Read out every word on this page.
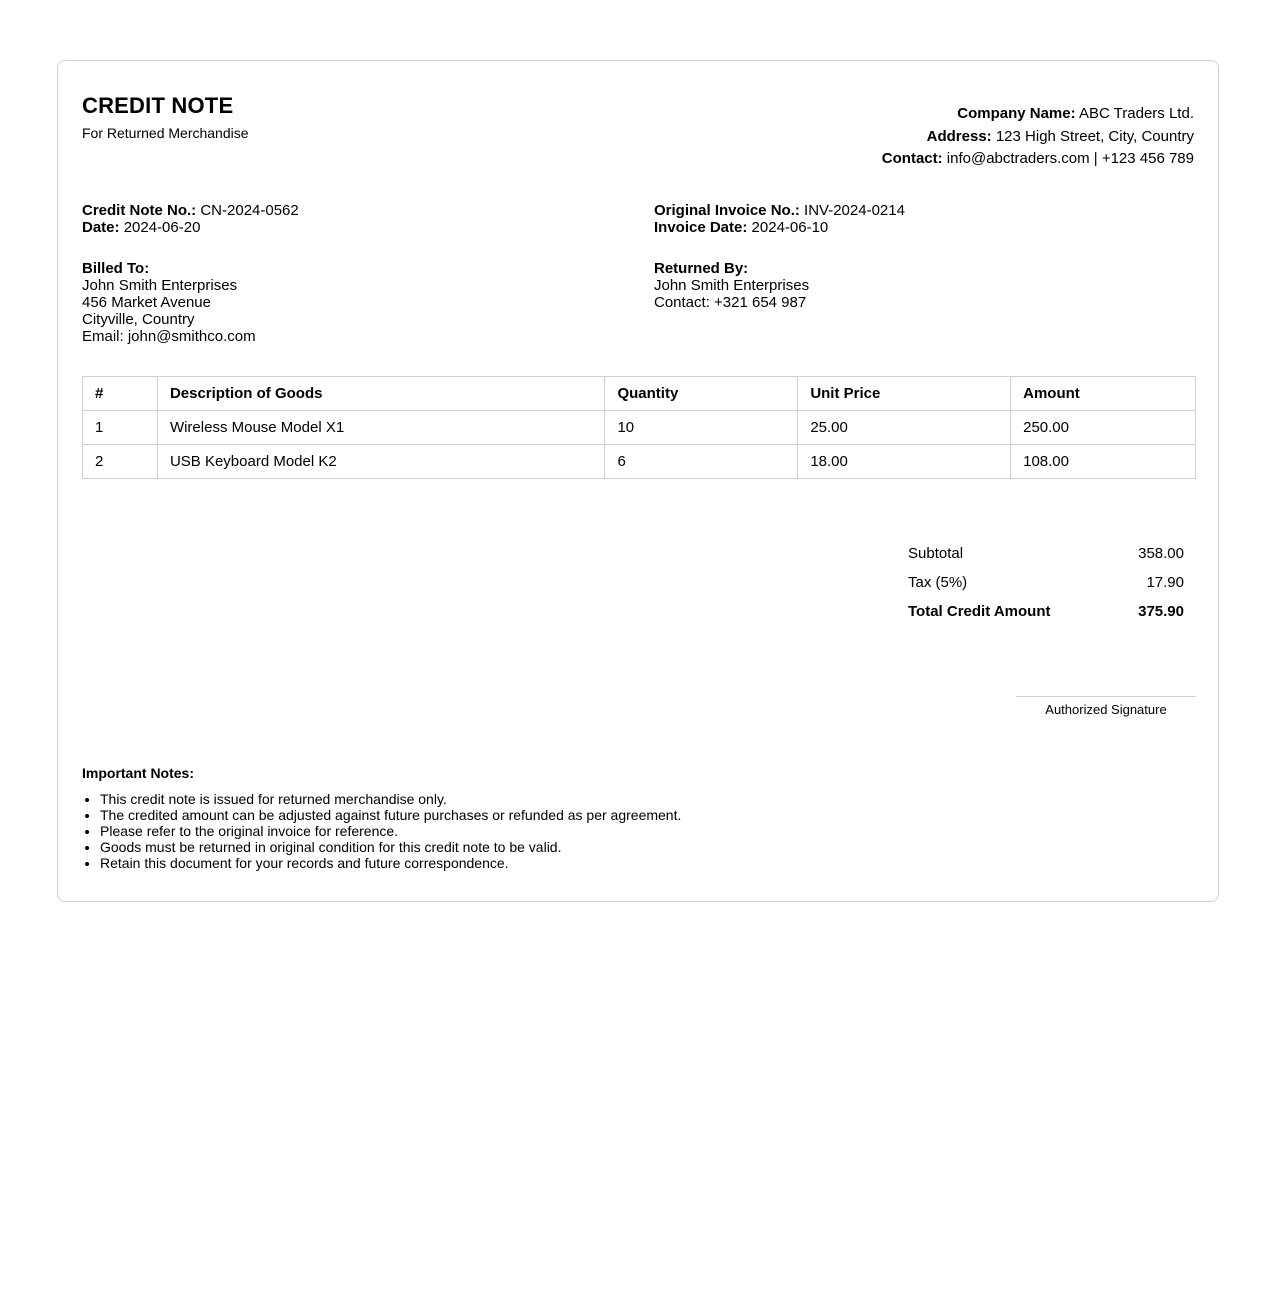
CREDIT NOTE
For Returned Merchandise
Company Name: ABC Traders Ltd.
Address: 123 High Street, City, Country
Contact: info@abctraders.com | +123 456 789
Credit Note No.: CN-2024-0562
Date: 2024-06-20
Original Invoice No.: INV-2024-0214
Invoice Date: 2024-06-10
Billed To:
John Smith Enterprises
456 Market Avenue
Cityville, Country
Email: john@smithco.com
Returned By:
John Smith Enterprises
Contact: +321 654 987
#	Description of Goods	Quantity	Unit Price	Amount
1	Wireless Mouse Model X1	10	25.00	250.00
2	USB Keyboard Model K2	6	18.00	108.00
Subtotal	358.00
Tax (5%)	17.90
Total Credit Amount	375.90
Authorized Signature
Important Notes:
• This credit note is issued for returned merchandise only.
• The credited amount can be adjusted against future purchases or refunded as per agreement.
• Please refer to the original invoice for reference.
• Goods must be returned in original condition for this credit note to be valid.
• Retain this document for your records and future correspondence.
